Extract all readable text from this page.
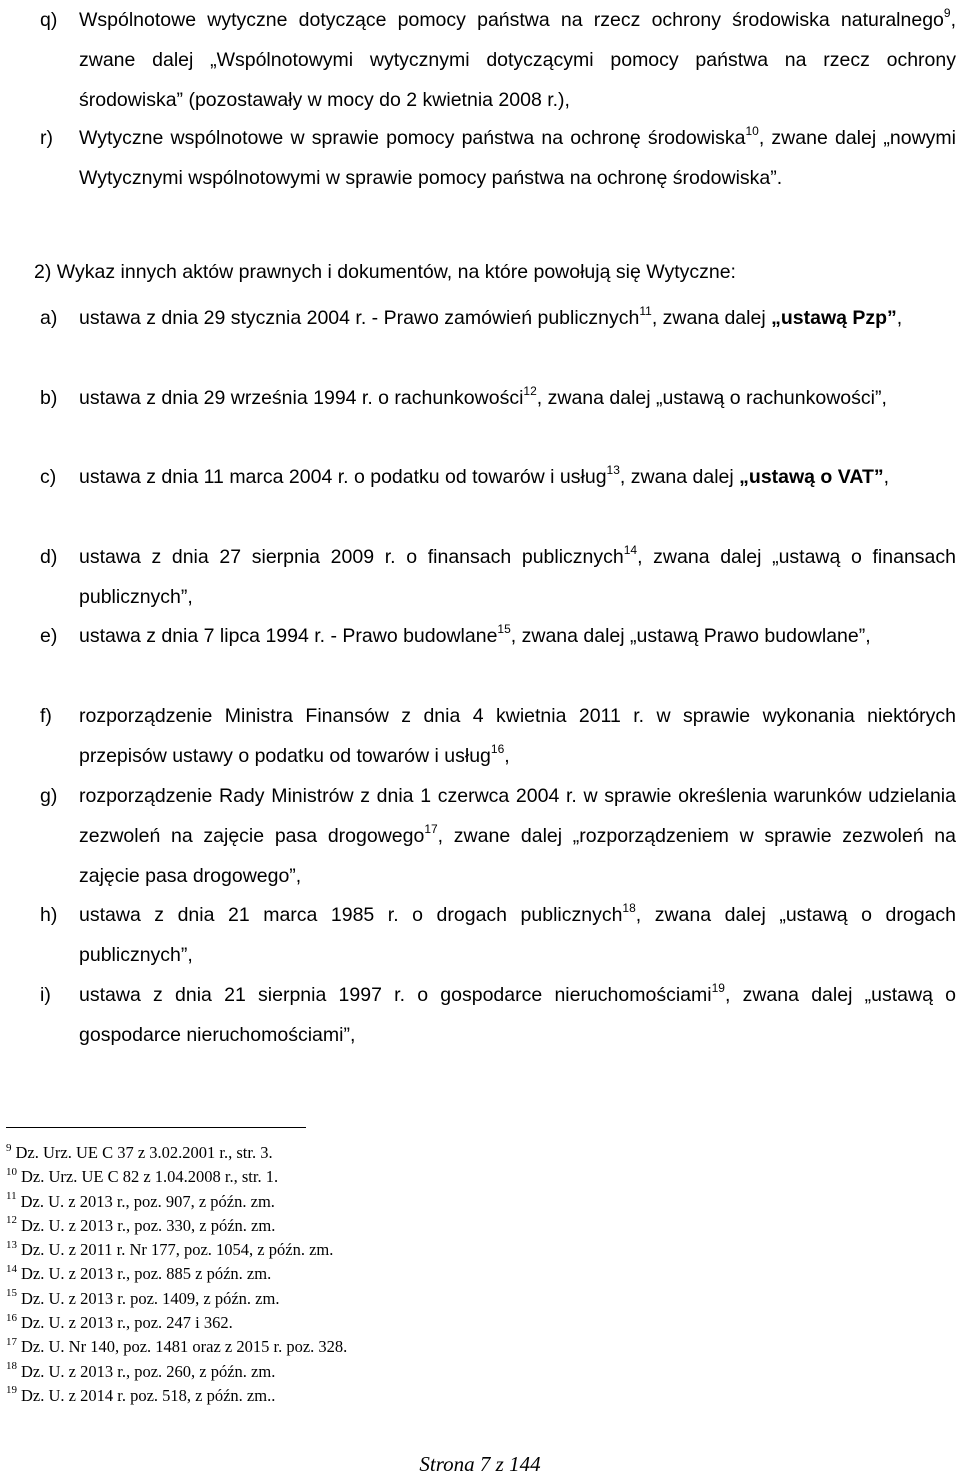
q)	Wspólnotowe wytyczne dotyczące pomocy państwa na rzecz ochrony środowiska naturalnego$^9$, zwane dalej „Wspólnotowymi wytycznymi dotyczącymi pomocy państwa na rzecz ochrony środowiska” (pozostawały w mocy do 2 kwietnia 2008 r.),
r)	Wytyczne wspólnotowe w sprawie pomocy państwa na ochronę środowiska$^{10}$, zwane dalej „nowymi Wytycznymi wspólnotowymi w sprawie pomocy państwa na ochronę środowiska”.
2) Wykaz innych aktów prawnych i dokumentów, na które powołują się Wytyczne:
a)	ustawa z dnia 29 stycznia 2004 r. - Prawo zamówień publicznych$^{11}$, zwana dalej „ustawą Pzp”,
b)	ustawa z dnia 29 września 1994 r. o rachunkowości$^{12}$, zwana dalej „ustawą o rachunkowości”,
c)	ustawa z dnia 11 marca 2004 r. o podatku od towarów i usług$^{13}$, zwana dalej „ustawą o VAT”,
d)	ustawa z dnia 27 sierpnia 2009 r. o finansach publicznych$^{14}$, zwana dalej „ustawą o finansach publicznych”,
e)	ustawa z dnia 7 lipca 1994 r. - Prawo budowlane$^{15}$, zwana dalej „ustawą Prawo budowlane”,
f)	rozporządzenie Ministra Finansów z dnia 4 kwietnia 2011 r. w sprawie wykonania niektórych przepisów ustawy o podatku od towarów i usług$^{16}$,
g)	rozporządzenie Rady Ministrów z dnia 1 czerwca 2004 r. w sprawie określenia warunków udzielania zezwoleń na zajęcie pasa drogowego$^{17}$, zwane dalej „rozporządzeniem w sprawie zezwoleń na zajęcie pasa drogowego”,
h)	ustawa z dnia 21 marca 1985 r. o drogach publicznych$^{18}$, zwana dalej „ustawą o drogach publicznych”,
i)	ustawa z dnia 21 sierpnia 1997 r. o gospodarce nieruchomościami$^{19}$, zwana dalej „ustawą o gospodarce nieruchomościami”,
$^9$ Dz. Urz. UE C 37 z 3.02.2001 r., str. 3.
$^{10}$ Dz. Urz. UE C 82 z 1.04.2008 r., str. 1.
$^{11}$ Dz. U. z 2013 r., poz. 907, z późn. zm.
$^{12}$ Dz. U. z 2013 r., poz. 330, z późn. zm.
$^{13}$ Dz. U. z 2011 r. Nr 177, poz. 1054, z późn. zm.
$^{14}$ Dz. U. z 2013 r., poz. 885 z późn. zm.
$^{15}$ Dz. U. z 2013 r. poz. 1409, z późn. zm.
$^{16}$ Dz. U. z 2013 r., poz. 247 i 362.
$^{17}$ Dz. U. Nr 140, poz. 1481 oraz z 2015 r. poz. 328.
$^{18}$ Dz. U. z 2013 r., poz. 260, z późn. zm.
$^{19}$ Dz. U. z 2014 r. poz. 518, z późn. zm..
Strona 7 z 144
